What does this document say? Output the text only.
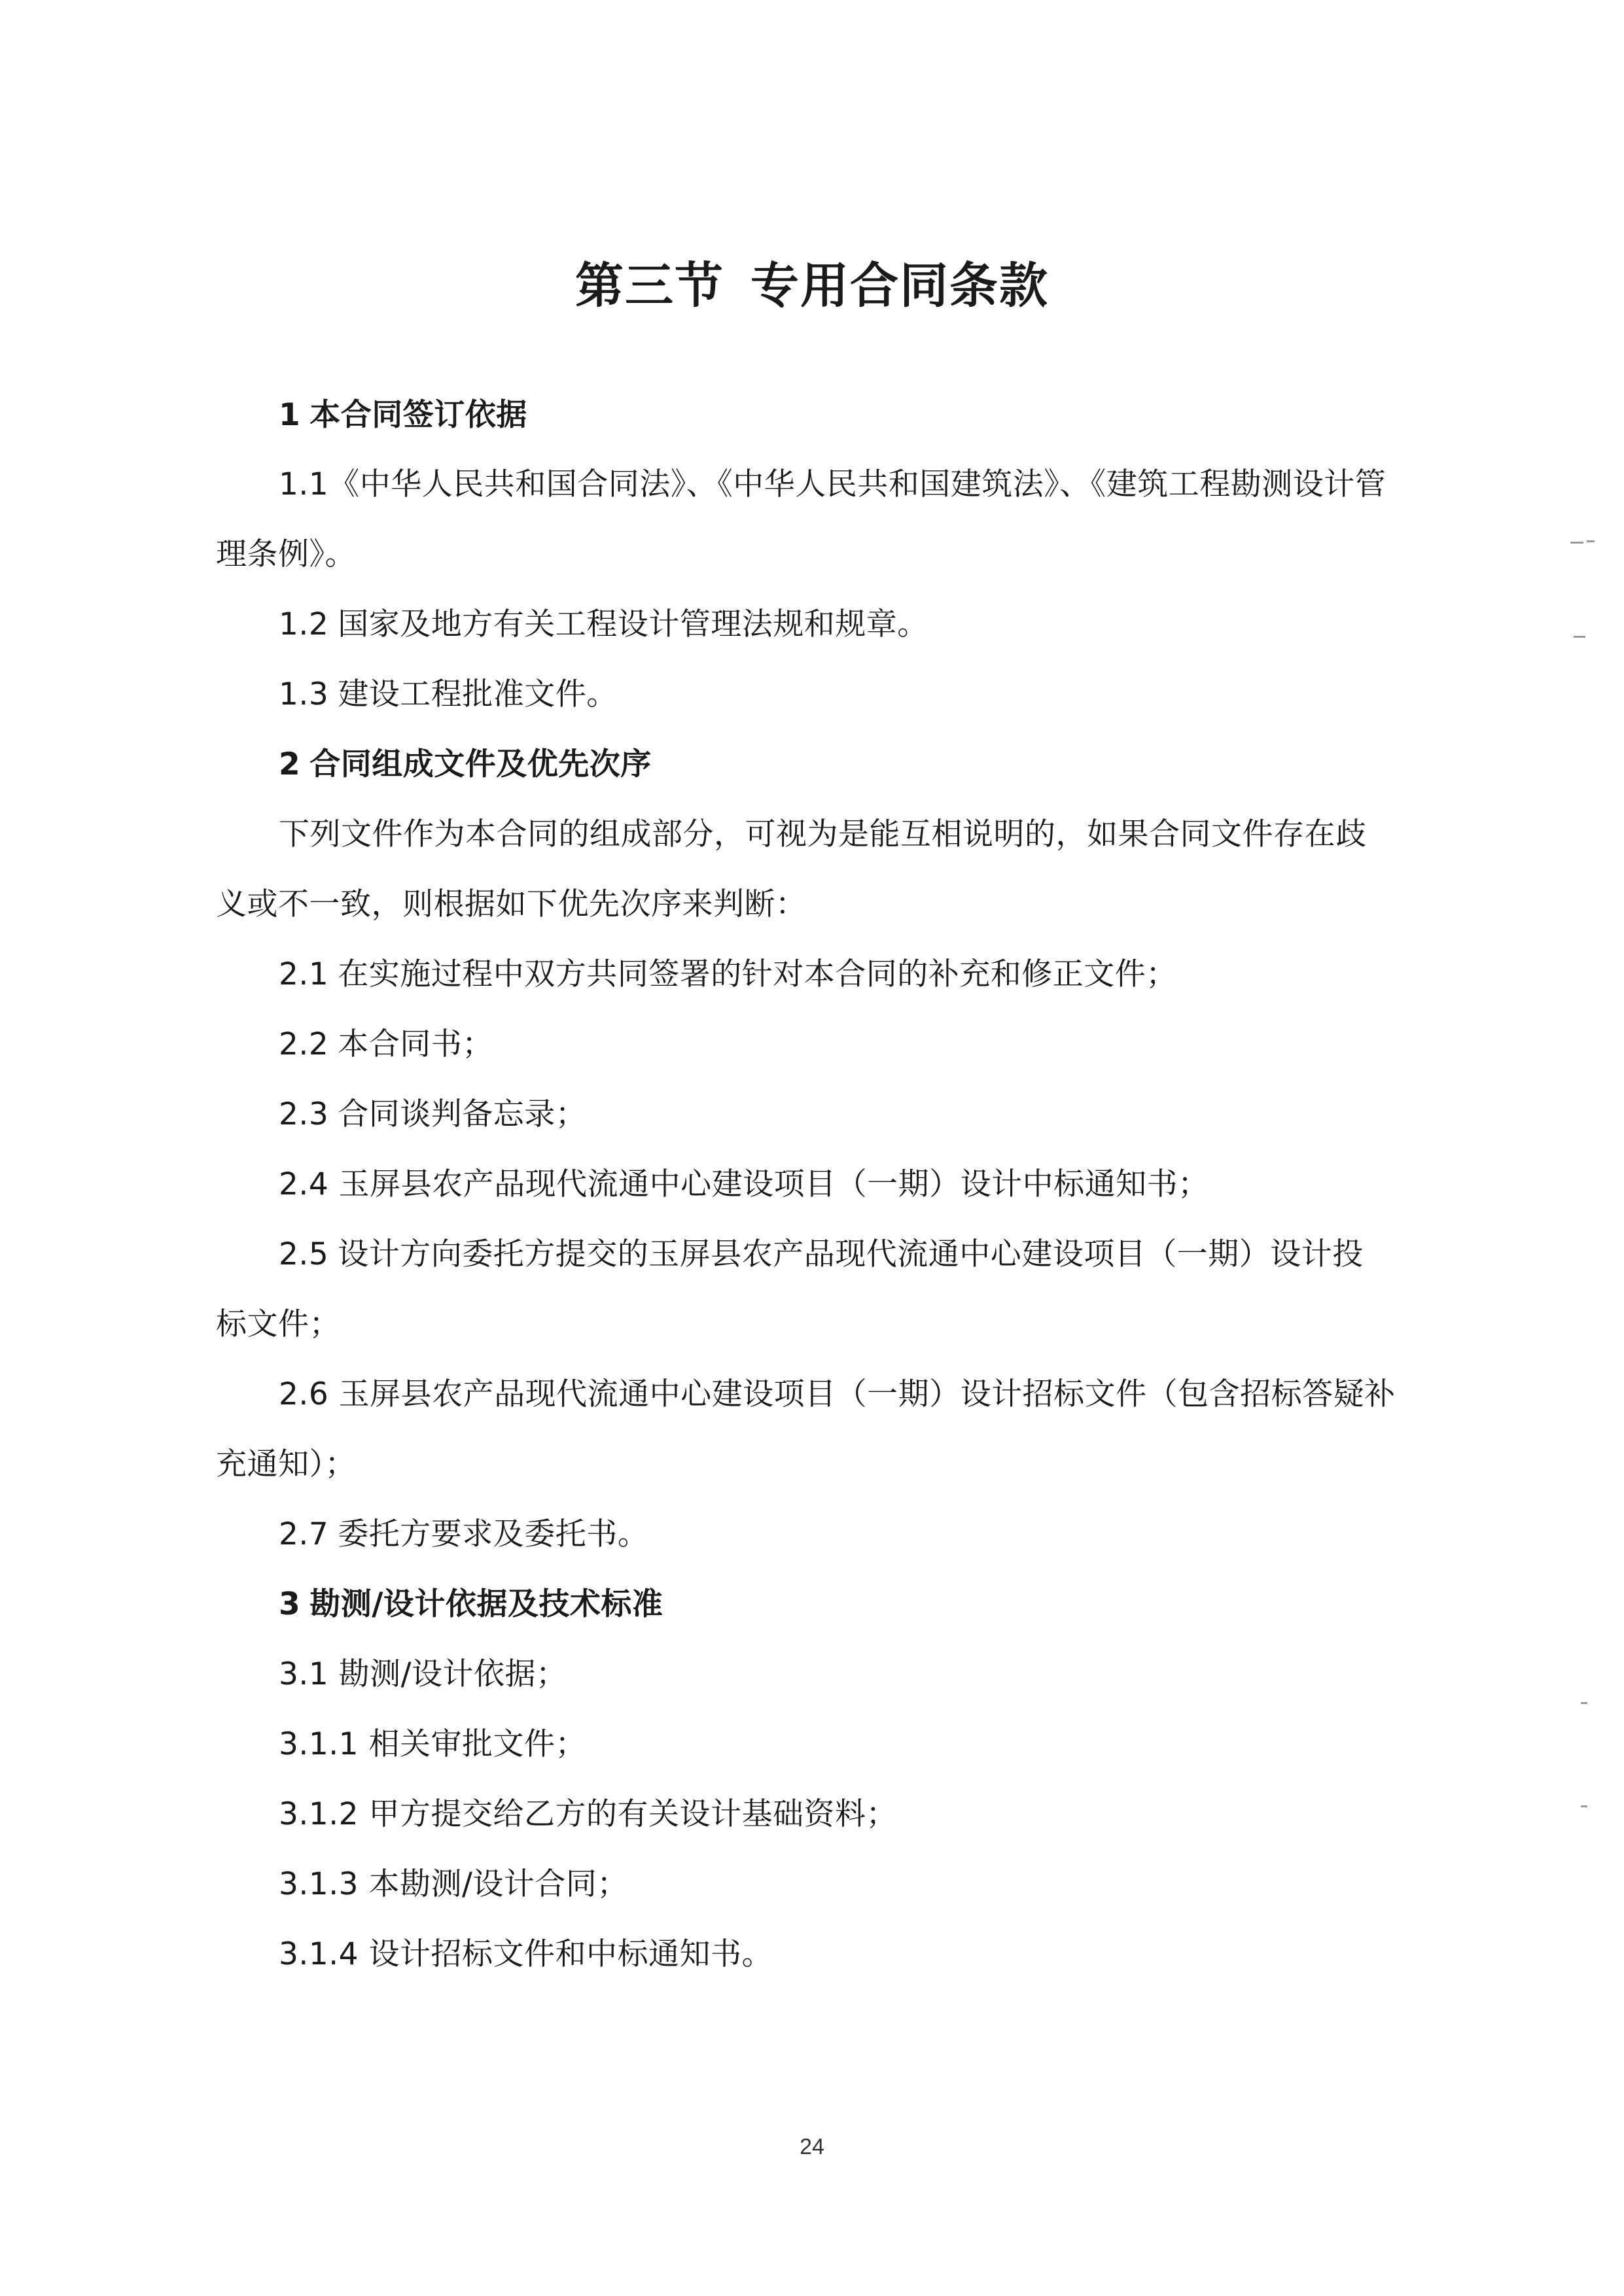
第三节 专用合同条款
1 本合同签订依据
1.1《中华人民共和国合同法》、《中华人民共和国建筑法》、《建筑工程勘测设计管
理条例》。
1.2 国家及地方有关工程设计管理法规和规章。
1.3 建设工程批准文件。
2 合同组成文件及优先次序
下列文件作为本合同的组成部分，可视为是能互相说明的，如果合同文件存在歧
义或不一致，则根据如下优先次序来判断：
2.1 在实施过程中双方共同签署的针对本合同的补充和修正文件；
2.2 本合同书；
2.3 合同谈判备忘录；
2.4 玉屏县农产品现代流通中心建设项目（一期）设计中标通知书；
2.5 设计方向委托方提交的玉屏县农产品现代流通中心建设项目（一期）设计投
标文件；
2.6 玉屏县农产品现代流通中心建设项目（一期）设计招标文件（包含招标答疑补
充通知）；
2.7 委托方要求及委托书。
3 勘测/设计依据及技术标准
3.1 勘测/设计依据；
3.1.1 相关审批文件；
3.1.2 甲方提交给乙方的有关设计基础资料；
3.1.3 本勘测/设计合同；
3.1.4 设计招标文件和中标通知书。
24
